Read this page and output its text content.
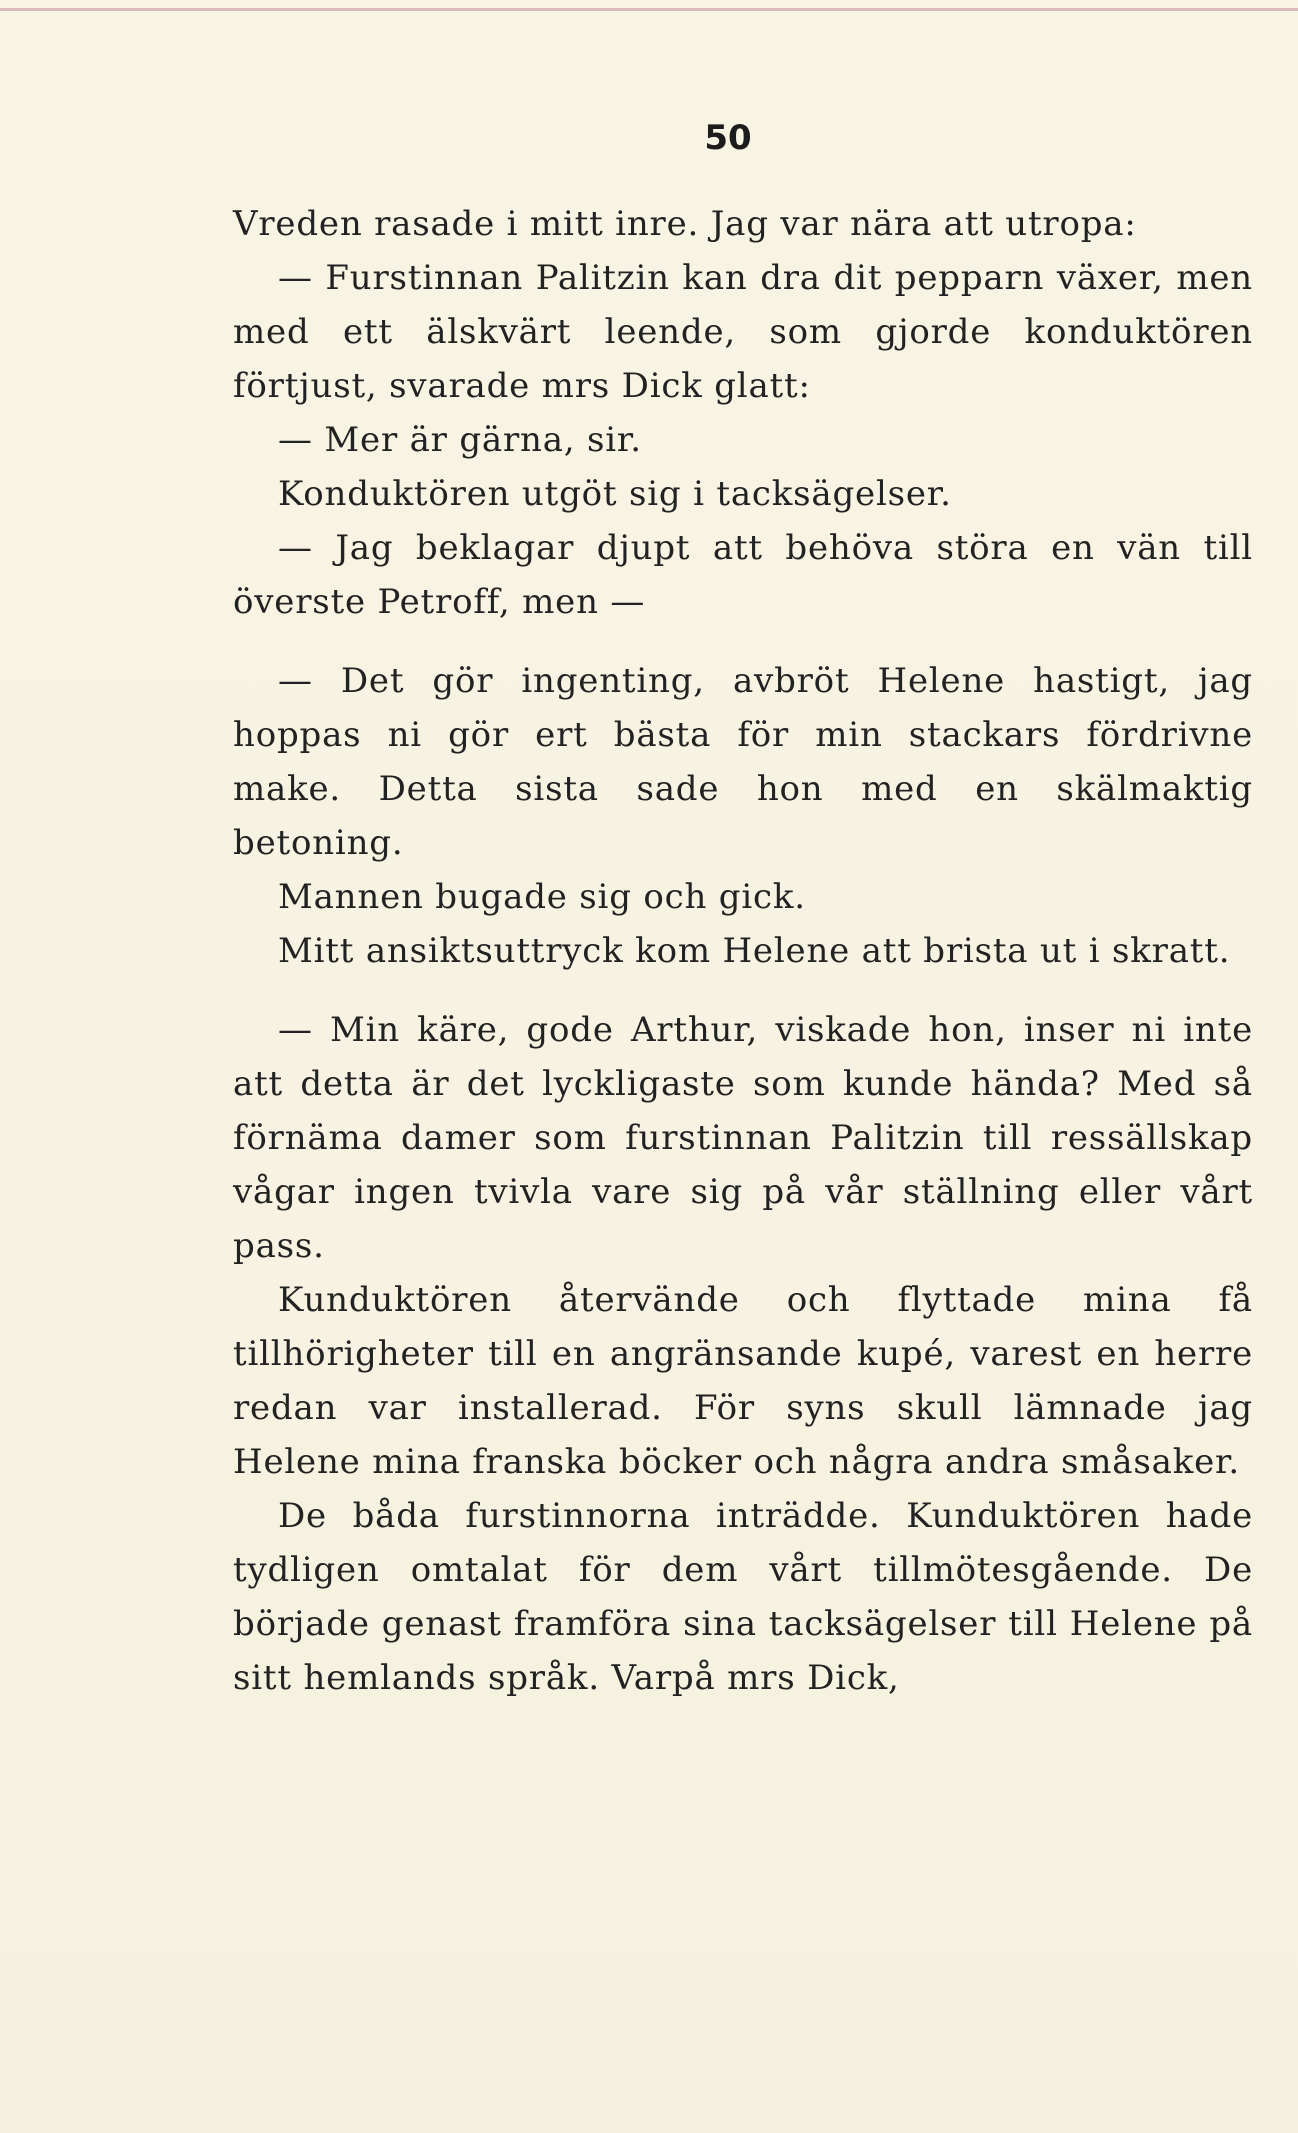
50

Vreden rasade i mitt inre. Jag var nära att utropa:

— Furstinnan Palitzin kan dra dit pepparn växer, men med ett älskvärt leende, som gjorde konduktören förtjust, svarade mrs Dick glatt:

— Mer är gärna, sir.

Konduktören utgöt sig i tacksägelser.

— Jag beklagar djupt att behöva störa en vän till överste Petroff, men —

— Det gör ingenting, avbröt Helene hastigt, jag hoppas ni gör ert bästa för min stackars fördrivne make. Detta sista sade hon med en skälmaktig betoning.

Mannen bugade sig och gick.

Mitt ansiktsuttryck kom Helene att brista ut i skratt.

— Min käre, gode Arthur, viskade hon, inser ni inte att detta är det lyckligaste som kunde hända? Med så förnäma damer som furstinnan Palitzin till ressällskap vågar ingen tvivla vare sig på vår ställning eller vårt pass.

Kunduktören återvände och flyttade mina få tillhörigheter till en angränsande kupé, varest en herre redan var installerad. För syns skull lämnade jag Helene mina franska böcker och några andra småsaker.

De båda furstinnorna inträdde. Kunduktören hade tydligen omtalat för dem vårt tillmötesgående. De började genast framföra sina tacksägelser till Helene på sitt hemlands språk. Varpå mrs Dick,
